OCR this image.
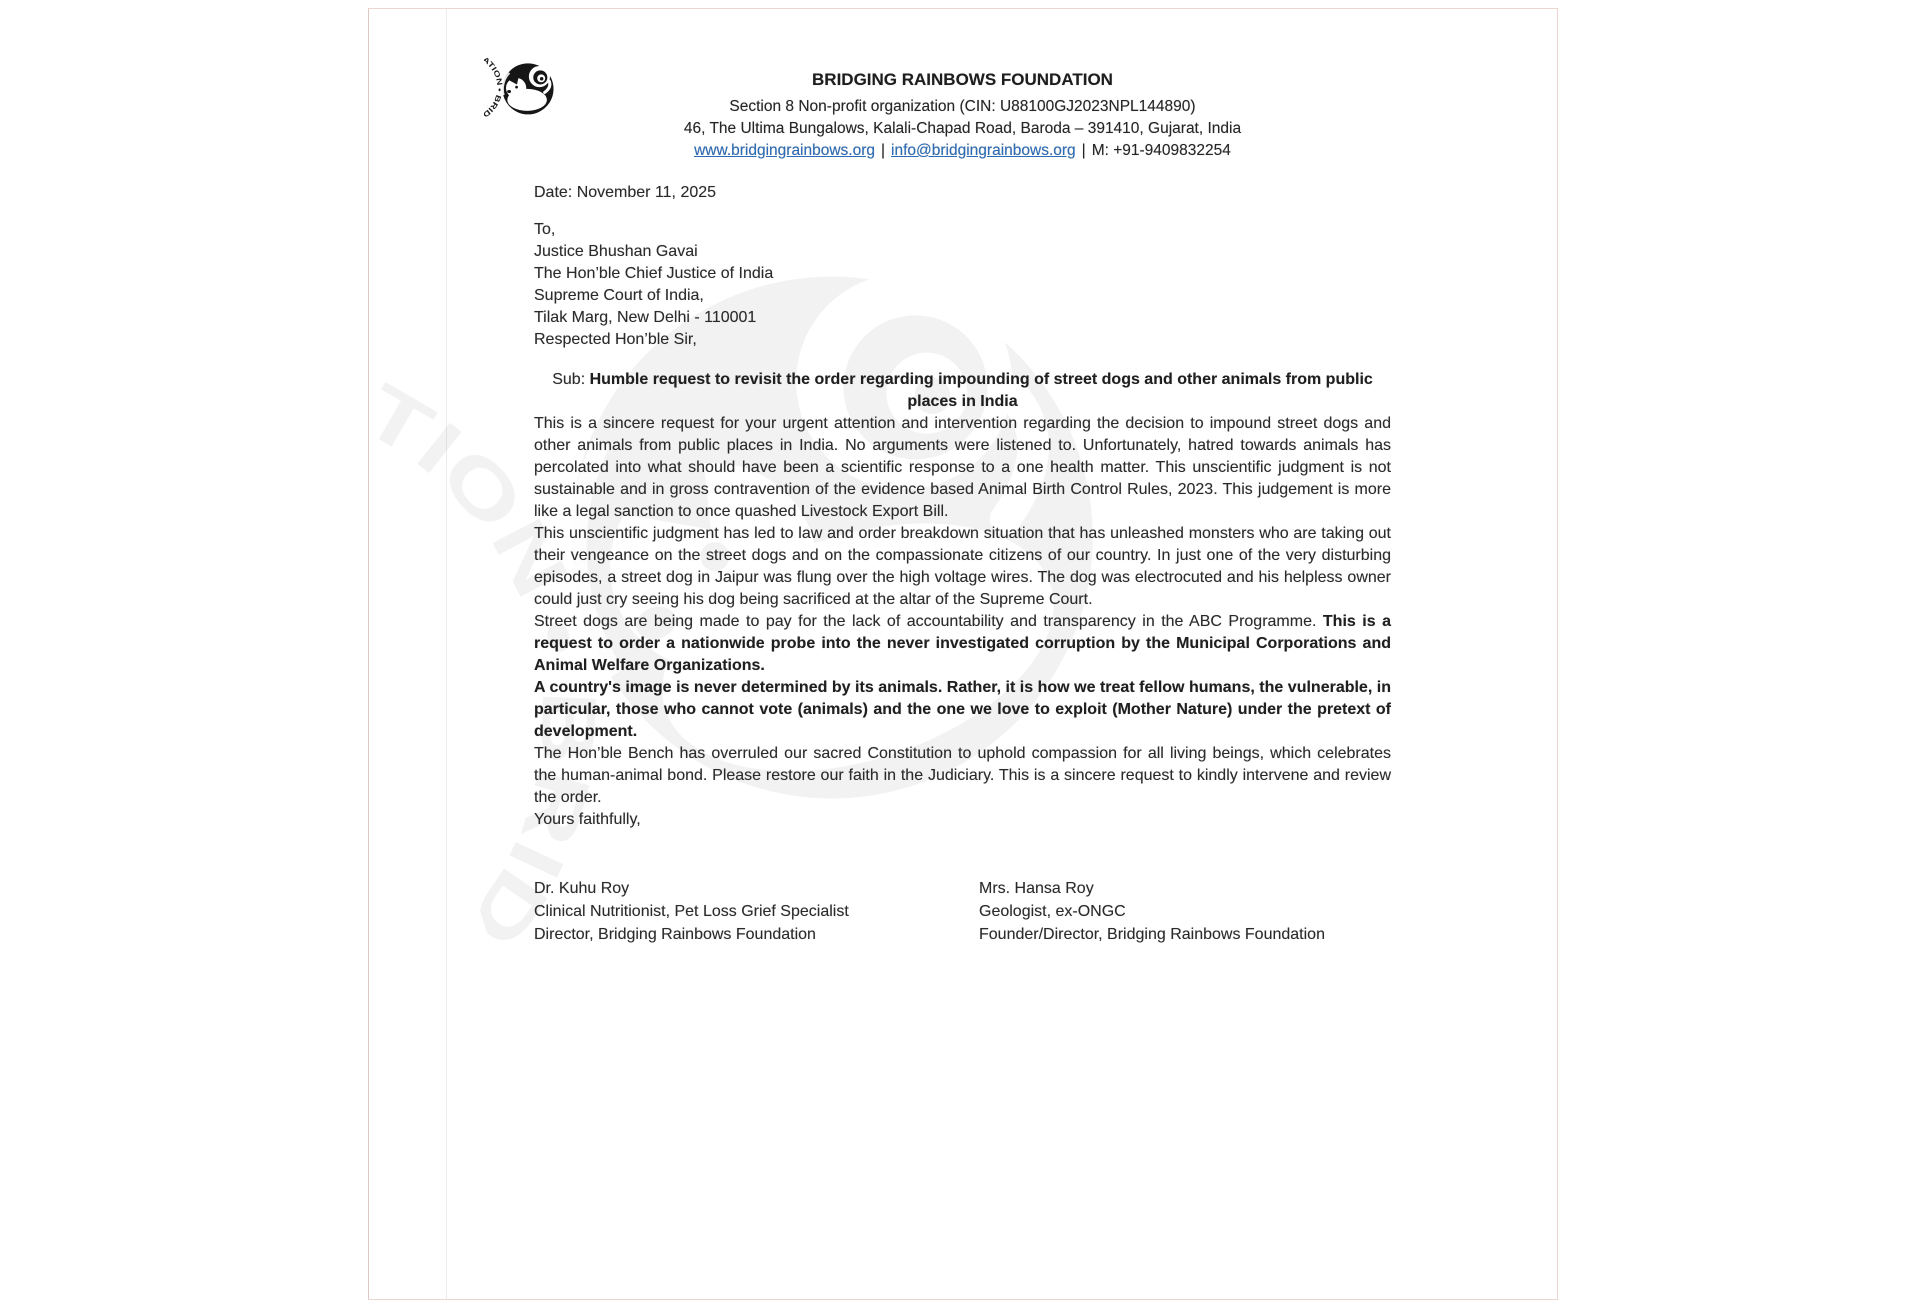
BRIDGING RAINBOWS FOUNDATION
Section 8 Non-profit organization (CIN: U88100GJ2023NPL144890)
46, The Ultima Bungalows, Kalali-Chapad Road, Baroda – 391410, Gujarat, India
www.bridgingrainbows.org | info@bridgingrainbows.org | M: +91-9409832254

Date: November 11, 2025

To,

Justice Bhushan Gavai

The Hon’ble Chief Justice of India

Supreme Court of India,

Tilak Marg, New Delhi - 110001

Respected Hon’ble Sir,

Sub: Humble request to revisit the order regarding impounding of street dogs and other animals from public places in India

This is a sincere request for your urgent attention and intervention regarding the decision to impound street dogs and other animals from public places in India. No arguments were listened to. Unfortunately, hatred towards animals has percolated into what should have been a scientific response to a one health matter. This unscientific judgment is not sustainable and in gross contravention of the evidence based Animal Birth Control Rules, 2023. This judgement is more like a legal sanction to once quashed Livestock Export Bill.

This unscientific judgment has led to law and order breakdown situation that has unleashed monsters who are taking out their vengeance on the street dogs and on the compassionate citizens of our country. In just one of the very disturbing episodes, a street dog in Jaipur was flung over the high voltage wires. The dog was electrocuted and his helpless owner could just cry seeing his dog being sacrificed at the altar of the Supreme Court.

Street dogs are being made to pay for the lack of accountability and transparency in the ABC Programme. This is a request to order a nationwide probe into the never investigated corruption by the Municipal Corporations and Animal Welfare Organizations.

A country's image is never determined by its animals. Rather, it is how we treat fellow humans, the vulnerable, in particular, those who cannot vote (animals) and the one we love to exploit (Mother Nature) under the pretext of development.

The Hon’ble Bench has overruled our sacred Constitution to uphold compassion for all living beings, which celebrates the human-animal bond. Please restore our faith in the Judiciary. This is a sincere request to kindly intervene and review the order.

Yours faithfully,

Dr. Kuhu Roy

Clinical Nutritionist, Pet Loss Grief Specialist

Director, Bridging Rainbows Foundation

Mrs. Hansa Roy

Geologist, ex-ONGC

Founder/Director, Bridging Rainbows Foundation
